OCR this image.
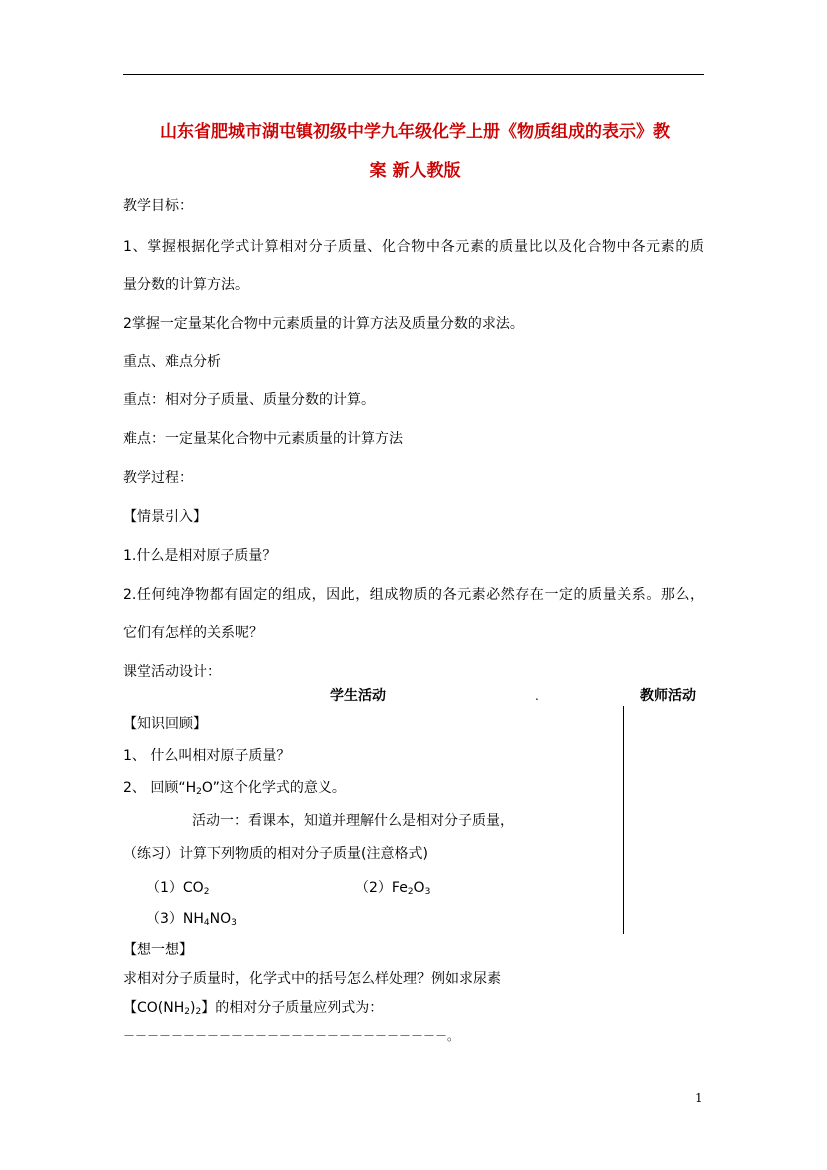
山东省肥城市湖屯镇初级中学九年级化学上册《物质组成的表示》教
案 新人教版
教学目标：
1、掌握根据化学式计算相对分子质量、化合物中各元素的质量比以及化合物中各元素的质
量分数的计算方法。
2掌握一定量某化合物中元素质量的计算方法及质量分数的求法。
重点、难点分析
重点：相对分子质量、质量分数的计算。
难点：一定量某化合物中元素质量的计算方法
教学过程：
【情景引入】
1.什么是相对原子质量？
2.任何纯净物都有固定的组成，因此，组成物质的各元素必然存在一定的质量关系。那么，
它们有怎样的关系呢？
课堂活动设计：
学生活动	.	教师活动
【知识回顾】
1、 什么叫相对原子质量？
2、 回顾“$H_2O$”这个化学式的意义。
活动一：看课本，知道并理解什么是相对分子质量，
（练习）计算下列物质的相对分子质量(注意格式)
$(1)CO_2$	$(2)Fe_2O_3$
$(3)NH_4NO_3$
【想一想】
求相对分子质量时，化学式中的括号怎么样处理？例如求尿素
【$CO(NH_2)_2$】的相对分子质量应列式为：
－－－－－－－－－－－－－－－－－－－－－－－－－－－。
1
